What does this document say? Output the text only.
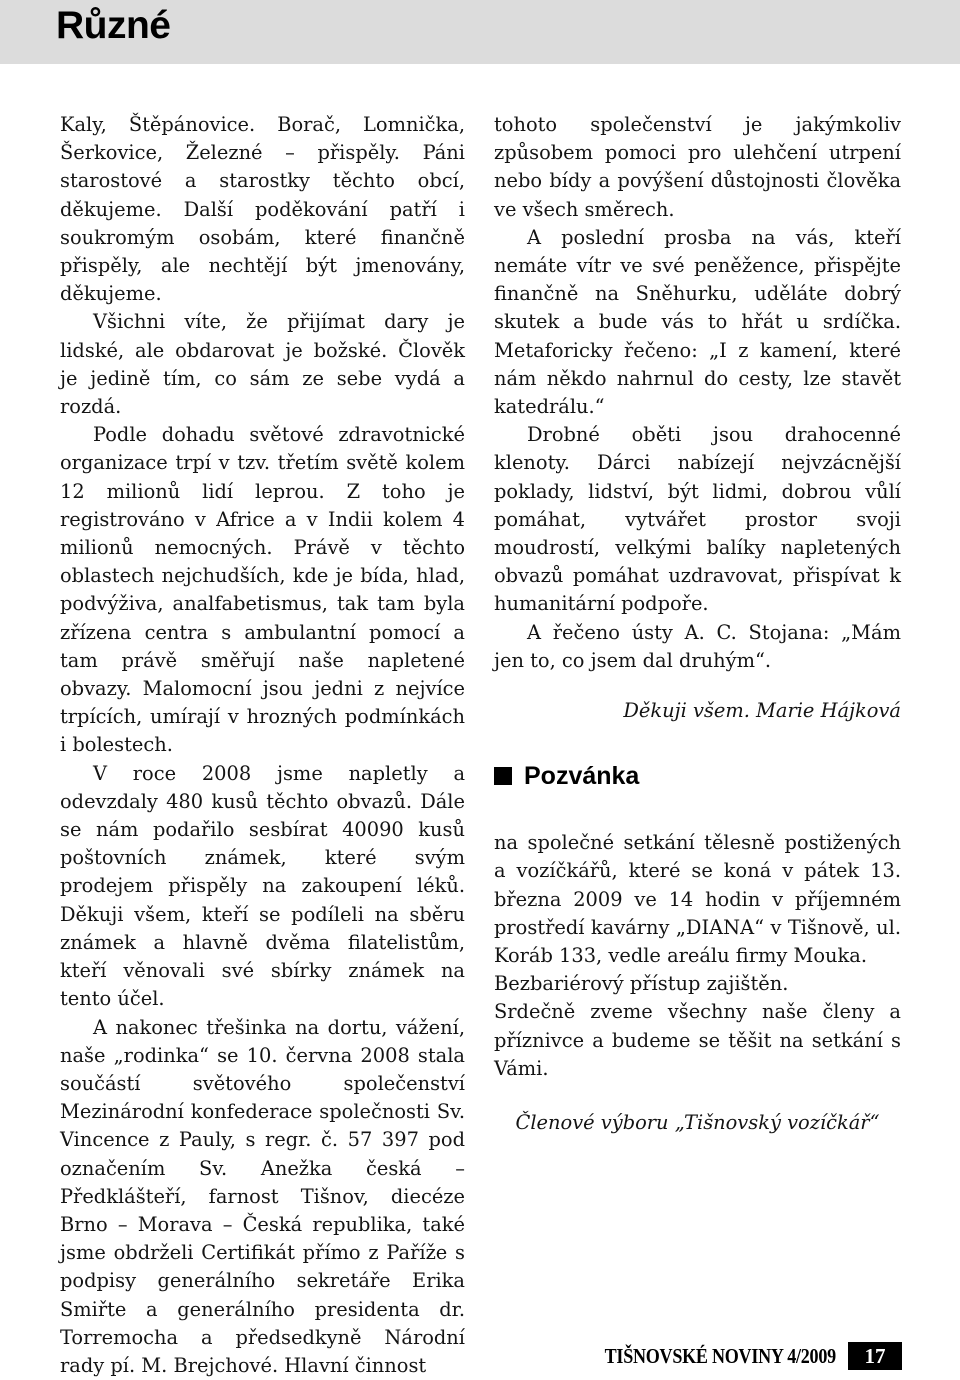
Různé

Kaly, Štěpánovice. Borač, Lomnička, Šerkovice, Železné – přispěly. Páni starostové a starostky těchto obcí, děkujeme. Další poděkování patří i soukromým osobám, které finančně přispěly, ale nechtějí být jmenovány, děkujeme.

Všichni víte, že přijímat dary je lidské, ale obdarovat je božské. Člověk je jedině tím, co sám ze sebe vydá a rozdá.

Podle dohadu světové zdravotnické organizace trpí v tzv. třetím světě kolem 12 milionů lidí leprou. Z toho je registrováno v Africe a v Indii kolem 4 milionů nemocných. Právě v těchto oblastech nejchudších, kde je bída, hlad, podvýživa, analfabetismus, tak tam byla zřízena centra s ambulantní pomocí a tam právě směřují naše napletené obvazy. Malomocní jsou jedni z nejvíce trpících, umírají v hrozných podmínkách i bolestech.

V roce 2008 jsme napletly a odevzdaly 480 kusů těchto obvazů. Dále se nám podařilo sesbírat 40090 kusů poštovních známek, které svým prodejem přispěly na zakoupení léků. Děkuji všem, kteří se podíleli na sběru známek a hlavně dvěma filatelistům, kteří věnovali své sbírky známek na tento účel.

A nakonec třešinka na dortu, vážení, naše „rodinka“ se 10. června 2008 stala součástí světového společenství Mezinárodní konfederace společnosti Sv. Vincence z Pauly, s regr. č. 57 397 pod označením Sv. Anežka česká – Předklášteří, farnost Tišnov, diecéze Brno – Morava – Česká republika, také jsme obdrželi Certifikát přímo z Paříže s podpisy generálního sekretáře Erika Smiřte a generálního presidenta dr. Torremocha a předsedkyně Národní rady pí. M. Brejchové. Hlavní činnost

tohoto společenství je jakýmkoliv způsobem pomoci pro ulehčení utrpení nebo bídy a povýšení důstojnosti člověka ve všech směrech.

A poslední prosba na vás, kteří nemáte vítr ve své peněžence, přispějte finančně na Sněhurku, uděláte dobrý skutek a bude vás to hřát u srdíčka. Metaforicky řečeno: „I z kamení, které nám někdo nahrnul do cesty, lze stavět katedrálu.“

Drobné oběti jsou drahocenné klenoty. Dárci nabízejí nejvzácnější poklady, lidství, být lidmi, dobrou vůlí pomáhat, vytvářet prostor svoji moudrostí, velkými balíky napletených obvazů pomáhat uzdravovat, přispívat k humanitární podpoře.

A řečeno ústy A. C. Stojana: „Mám jen to, co jsem dal druhým“.

Děkuji všem. Marie Hájková

Pozvánka

na společné setkání tělesně postižených a vozíčkářů, které se koná v pátek 13. března 2009 ve 14 hodin v příjemném prostředí kavárny „DIANA“ v Tišnově, ul. Koráb 133, vedle areálu firmy Mouka.

Bezbariérový přístup zajištěn.

Srdečně zveme všechny naše členy a příznivce a budeme se těšit na setkání s Vámi.

Členové výboru „Tišnovský vozíčkář“

TIŠNOVSKÉ NOVINY 4/2009	17
